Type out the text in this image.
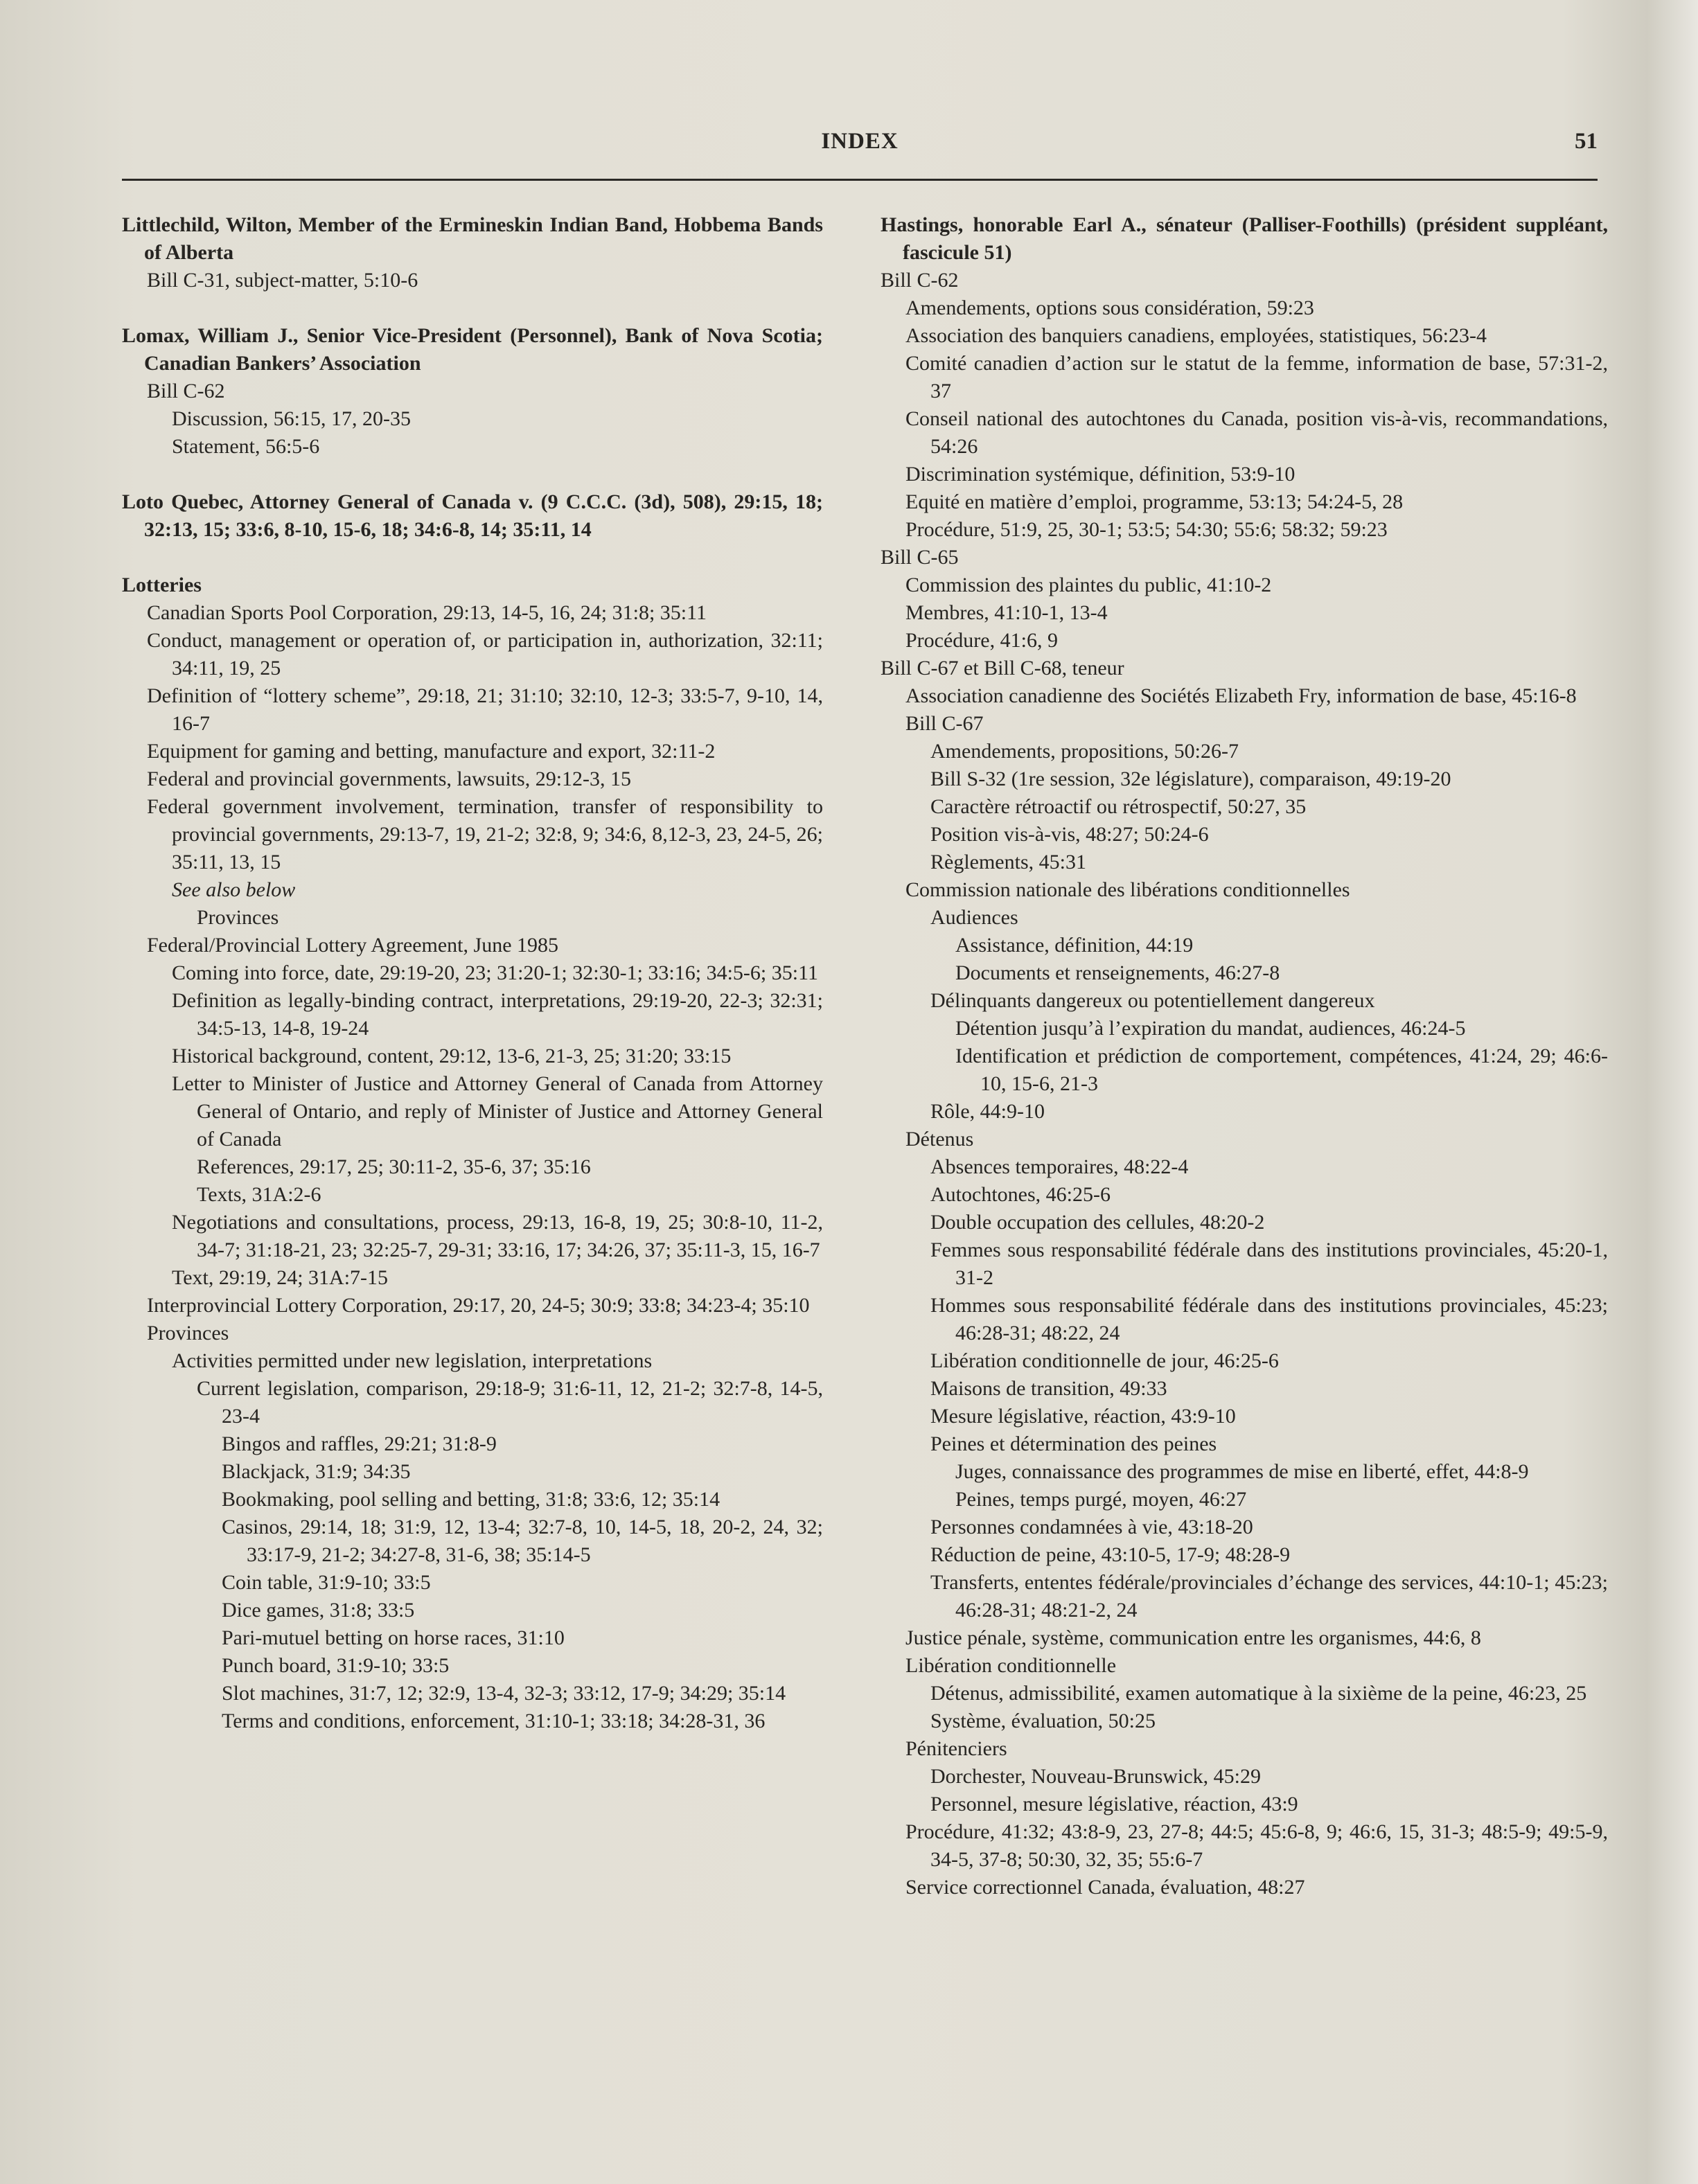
INDEX	51
Littlechild, Wilton, Member of the Ermineskin Indian Band, Hobbema Bands of Alberta
Bill C-31, subject-matter, 5:10-6
Lomax, William J., Senior Vice-President (Personnel), Bank of Nova Scotia; Canadian Bankers’ Association
Bill C-62
Discussion, 56:15, 17, 20-35
Statement, 56:5-6
Loto Quebec, Attorney General of Canada v. (9 C.C.C. (3d), 508), 29:15, 18; 32:13, 15; 33:6, 8-10, 15-6, 18; 34:6-8, 14; 35:11, 14
Lotteries
Canadian Sports Pool Corporation, 29:13, 14-5, 16, 24; 31:8; 35:11
Conduct, management or operation of, or participation in, authorization, 32:11; 34:11, 19, 25
Definition of “lottery scheme”, 29:18, 21; 31:10; 32:10, 12-3; 33:5-7, 9-10, 14, 16-7
Equipment for gaming and betting, manufacture and export, 32:11-2
Federal and provincial governments, lawsuits, 29:12-3, 15
Federal government involvement, termination, transfer of responsibility to provincial governments, 29:13-7, 19, 21-2; 32:8, 9; 34:6, 8,12-3, 23, 24-5, 26; 35:11, 13, 15
See also below
Provinces
Federal/Provincial Lottery Agreement, June 1985
Coming into force, date, 29:19-20, 23; 31:20-1; 32:30-1; 33:16; 34:5-6; 35:11
Definition as legally-binding contract, interpretations, 29:19-20, 22-3; 32:31; 34:5-13, 14-8, 19-24
Historical background, content, 29:12, 13-6, 21-3, 25; 31:20; 33:15
Letter to Minister of Justice and Attorney General of Canada from Attorney General of Ontario, and reply of Minister of Justice and Attorney General of Canada
References, 29:17, 25; 30:11-2, 35-6, 37; 35:16
Texts, 31A:2-6
Negotiations and consultations, process, 29:13, 16-8, 19, 25; 30:8-10, 11-2, 34-7; 31:18-21, 23; 32:25-7, 29-31; 33:16, 17; 34:26, 37; 35:11-3, 15, 16-7
Text, 29:19, 24; 31A:7-15
Interprovincial Lottery Corporation, 29:17, 20, 24-5; 30:9; 33:8; 34:23-4; 35:10
Provinces
Activities permitted under new legislation, interpretations
Current legislation, comparison, 29:18-9; 31:6-11, 12, 21-2; 32:7-8, 14-5, 23-4
Bingos and raffles, 29:21; 31:8-9
Blackjack, 31:9; 34:35
Bookmaking, pool selling and betting, 31:8; 33:6, 12; 35:14
Casinos, 29:14, 18; 31:9, 12, 13-4; 32:7-8, 10, 14-5, 18, 20-2, 24, 32; 33:17-9, 21-2; 34:27-8, 31-6, 38; 35:14-5
Coin table, 31:9-10; 33:5
Dice games, 31:8; 33:5
Pari-mutuel betting on horse races, 31:10
Punch board, 31:9-10; 33:5
Slot machines, 31:7, 12; 32:9, 13-4, 32-3; 33:12, 17-9; 34:29; 35:14
Terms and conditions, enforcement, 31:10-1; 33:18; 34:28-31, 36
Hastings, honorable Earl A., sénateur (Palliser-Foothills) (président suppléant, fascicule 51)
Bill C-62
Amendements, options sous considération, 59:23
Association des banquiers canadiens, employées, statistiques, 56:23-4
Comité canadien d’action sur le statut de la femme, information de base, 57:31-2, 37
Conseil national des autochtones du Canada, position vis-à-vis, recommandations, 54:26
Discrimination systémique, définition, 53:9-10
Equité en matière d’emploi, programme, 53:13; 54:24-5, 28
Procédure, 51:9, 25, 30-1; 53:5; 54:30; 55:6; 58:32; 59:23
Bill C-65
Commission des plaintes du public, 41:10-2
Membres, 41:10-1, 13-4
Procédure, 41:6, 9
Bill C-67 et Bill C-68, teneur
Association canadienne des Sociétés Elizabeth Fry, information de base, 45:16-8
Bill C-67
Amendements, propositions, 50:26-7
Bill S-32 (1re session, 32e législature), comparaison, 49:19-20
Caractère rétroactif ou rétrospectif, 50:27, 35
Position vis-à-vis, 48:27; 50:24-6
Règlements, 45:31
Commission nationale des libérations conditionnelles
Audiences
Assistance, définition, 44:19
Documents et renseignements, 46:27-8
Délinquants dangereux ou potentiellement dangereux
Détention jusqu’à l’expiration du mandat, audiences, 46:24-5
Identification et prédiction de comportement, compétences, 41:24, 29; 46:6-10, 15-6, 21-3
Rôle, 44:9-10
Détenus
Absences temporaires, 48:22-4
Autochtones, 46:25-6
Double occupation des cellules, 48:20-2
Femmes sous responsabilité fédérale dans des institutions provinciales, 45:20-1, 31-2
Hommes sous responsabilité fédérale dans des institutions provinciales, 45:23; 46:28-31; 48:22, 24
Libération conditionnelle de jour, 46:25-6
Maisons de transition, 49:33
Mesure législative, réaction, 43:9-10
Peines et détermination des peines
Juges, connaissance des programmes de mise en liberté, effet, 44:8-9
Peines, temps purgé, moyen, 46:27
Personnes condamnées à vie, 43:18-20
Réduction de peine, 43:10-5, 17-9; 48:28-9
Transferts, ententes fédérale/provinciales d’échange des services, 44:10-1; 45:23; 46:28-31; 48:21-2, 24
Justice pénale, système, communication entre les organismes, 44:6, 8
Libération conditionnelle
Détenus, admissibilité, examen automatique à la sixième de la peine, 46:23, 25
Système, évaluation, 50:25
Pénitenciers
Dorchester, Nouveau-Brunswick, 45:29
Personnel, mesure législative, réaction, 43:9
Procédure, 41:32; 43:8-9, 23, 27-8; 44:5; 45:6-8, 9; 46:6, 15, 31-3; 48:5-9; 49:5-9, 34-5, 37-8; 50:30, 32, 35; 55:6-7
Service correctionnel Canada, évaluation, 48:27
